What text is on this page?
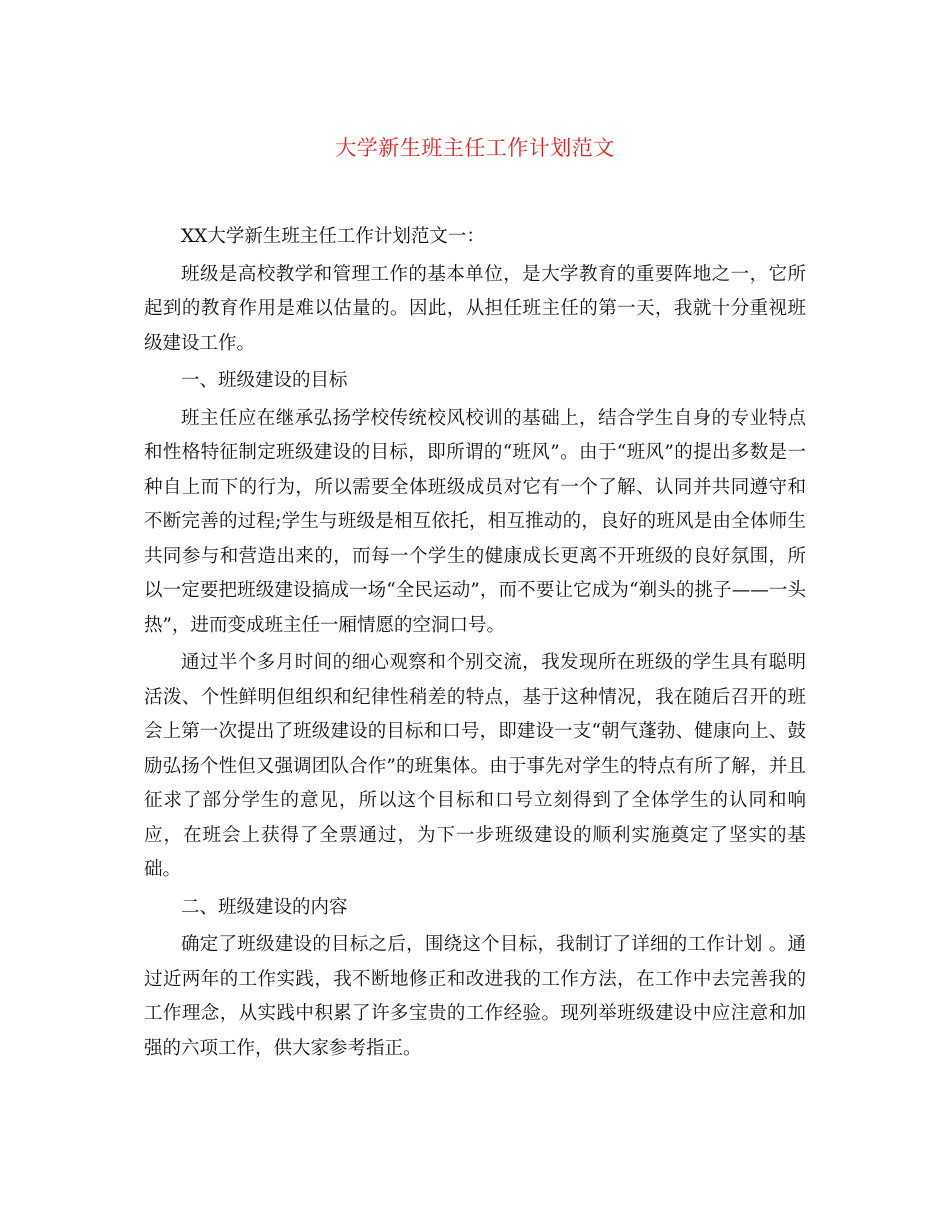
大学新生班主任工作计划范文

XX大学新生班主任工作计划范文一：

班级是高校教学和管理工作的基本单位，是大学教育的重要阵地之一，它所起到的教育作用是难以估量的。因此，从担任班主任的第一天，我就十分重视班级建设工作。

一、班级建设的目标

班主任应在继承弘扬学校传统校风校训的基础上，结合学生自身的专业特点和性格特征制定班级建设的目标，即所谓的“班风”。由于“班风”的提出多数是一种自上而下的行为，所以需要全体班级成员对它有一个了解、认同并共同遵守和不断完善的过程;学生与班级是相互依托，相互推动的，良好的班风是由全体师生共同参与和营造出来的，而每一个学生的健康成长更离不开班级的良好氛围，所以一定要把班级建设搞成一场“全民运动”，而不要让它成为“剃头的挑子——一头热”，进而变成班主任一厢情愿的空洞口号。

通过半个多月时间的细心观察和个别交流，我发现所在班级的学生具有聪明活泼、个性鲜明但组织和纪律性稍差的特点，基于这种情况，我在随后召开的班会上第一次提出了班级建设的目标和口号，即建设一支“朝气蓬勃、健康向上、鼓励弘扬个性但又强调团队合作”的班集体。由于事先对学生的特点有所了解，并且征求了部分学生的意见，所以这个目标和口号立刻得到了全体学生的认同和响应，在班会上获得了全票通过，为下一步班级建设的顺利实施奠定了坚实的基础。

二、班级建设的内容

确定了班级建设的目标之后，围绕这个目标，我制订了详细的工作计划 。通过近两年的工作实践，我不断地修正和改进我的工作方法，在工作中去完善我的工作理念，从实践中积累了许多宝贵的工作经验。现列举班级建设中应注意和加强的六项工作，供大家参考指正。
